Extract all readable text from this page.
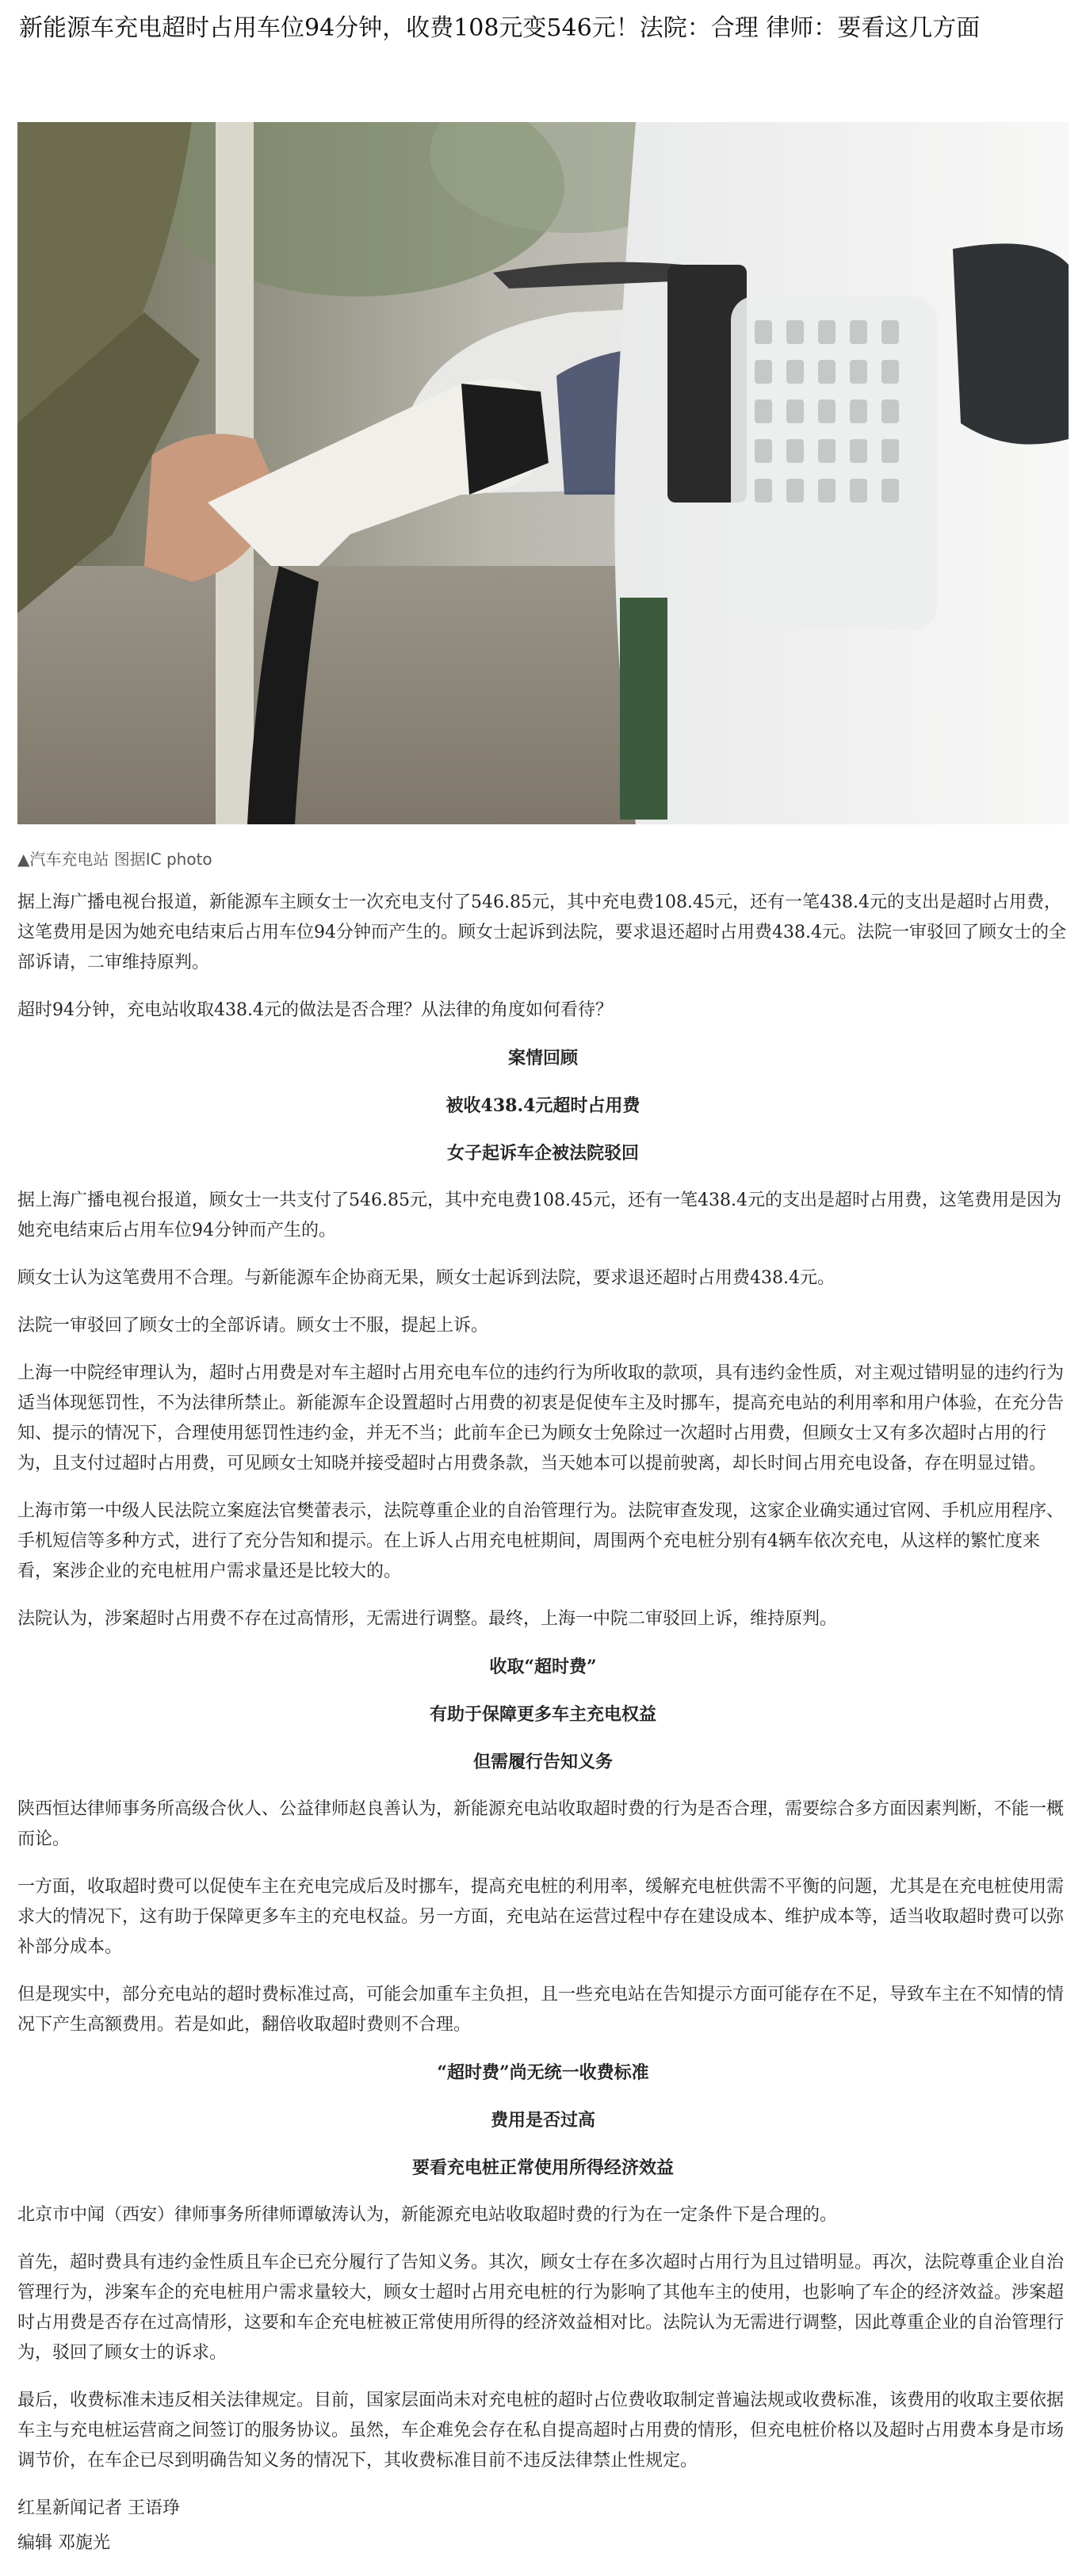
新能源车充电超时占用车位94分钟，收费108元变546元！法院：合理 律师：要看这几方面
▲汽车充电站 图据IC photo

据上海广播电视台报道，新能源车主顾女士一次充电支付了546.85元，其中充电费108.45元，还有一笔438.4元的支出是超时占用费，这笔费用是因为她充电结束后占用车位94分钟而产生的。顾女士起诉到法院，要求退还超时占用费438.4元。法院一审驳回了顾女士的全部诉请，二审维持原判。

超时94分钟，充电站收取438.4元的做法是否合理？从法律的角度如何看待？

案情回顾

被收438.4元超时占用费

女子起诉车企被法院驳回

据上海广播电视台报道，顾女士一共支付了546.85元，其中充电费108.45元，还有一笔438.4元的支出是超时占用费，这笔费用是因为她充电结束后占用车位94分钟而产生的。

顾女士认为这笔费用不合理。与新能源车企协商无果，顾女士起诉到法院，要求退还超时占用费438.4元。

法院一审驳回了顾女士的全部诉请。顾女士不服，提起上诉。

上海一中院经审理认为，超时占用费是对车主超时占用充电车位的违约行为所收取的款项，具有违约金性质，对主观过错明显的违约行为适当体现惩罚性，不为法律所禁止。新能源车企设置超时占用费的初衷是促使车主及时挪车，提高充电站的利用率和用户体验，在充分告知、提示的情况下，合理使用惩罚性违约金，并无不当；此前车企已为顾女士免除过一次超时占用费，但顾女士又有多次超时占用的行为，且支付过超时占用费，可见顾女士知晓并接受超时占用费条款，当天她本可以提前驶离，却长时间占用充电设备，存在明显过错。

上海市第一中级人民法院立案庭法官樊蕾表示，法院尊重企业的自治管理行为。法院审查发现，这家企业确实通过官网、手机应用程序、手机短信等多种方式，进行了充分告知和提示。在上诉人占用充电桩期间，周围两个充电桩分别有4辆车依次充电，从这样的繁忙度来看，案涉企业的充电桩用户需求量还是比较大的。

法院认为，涉案超时占用费不存在过高情形，无需进行调整。最终，上海一中院二审驳回上诉，维持原判。

收取“超时费”

有助于保障更多车主充电权益

但需履行告知义务

陕西恒达律师事务所高级合伙人、公益律师赵良善认为，新能源充电站收取超时费的行为是否合理，需要综合多方面因素判断，不能一概而论。

一方面，收取超时费可以促使车主在充电完成后及时挪车，提高充电桩的利用率，缓解充电桩供需不平衡的问题，尤其是在充电桩使用需求大的情况下，这有助于保障更多车主的充电权益。另一方面，充电站在运营过程中存在建设成本、维护成本等，适当收取超时费可以弥补部分成本。

但是现实中，部分充电站的超时费标准过高，可能会加重车主负担，且一些充电站在告知提示方面可能存在不足，导致车主在不知情的情况下产生高额费用。若是如此，翻倍收取超时费则不合理。

“超时费”尚无统一收费标准

费用是否过高

要看充电桩正常使用所得经济效益

北京市中闻（西安）律师事务所律师谭敏涛认为，新能源充电站收取超时费的行为在一定条件下是合理的。

首先，超时费具有违约金性质且车企已充分履行了告知义务。其次，顾女士存在多次超时占用行为且过错明显。再次，法院尊重企业自治管理行为，涉案车企的充电桩用户需求量较大，顾女士超时占用充电桩的行为影响了其他车主的使用，也影响了车企的经济效益。涉案超时占用费是否存在过高情形，这要和车企充电桩被正常使用所得的经济效益相对比。法院认为无需进行调整，因此尊重企业的自治管理行为，驳回了顾女士的诉求。

最后，收费标准未违反相关法律规定。目前，国家层面尚未对充电桩的超时占位费收取制定普遍法规或收费标准，该费用的收取主要依据车主与充电桩运营商之间签订的服务协议。虽然，车企难免会存在私自提高超时占用费的情形，但充电桩价格以及超时占用费本身是市场调节价，在车企已尽到明确告知义务的情况下，其收费标准目前不违反法律禁止性规定。

红星新闻记者 王语琤

编辑 邓旎光
